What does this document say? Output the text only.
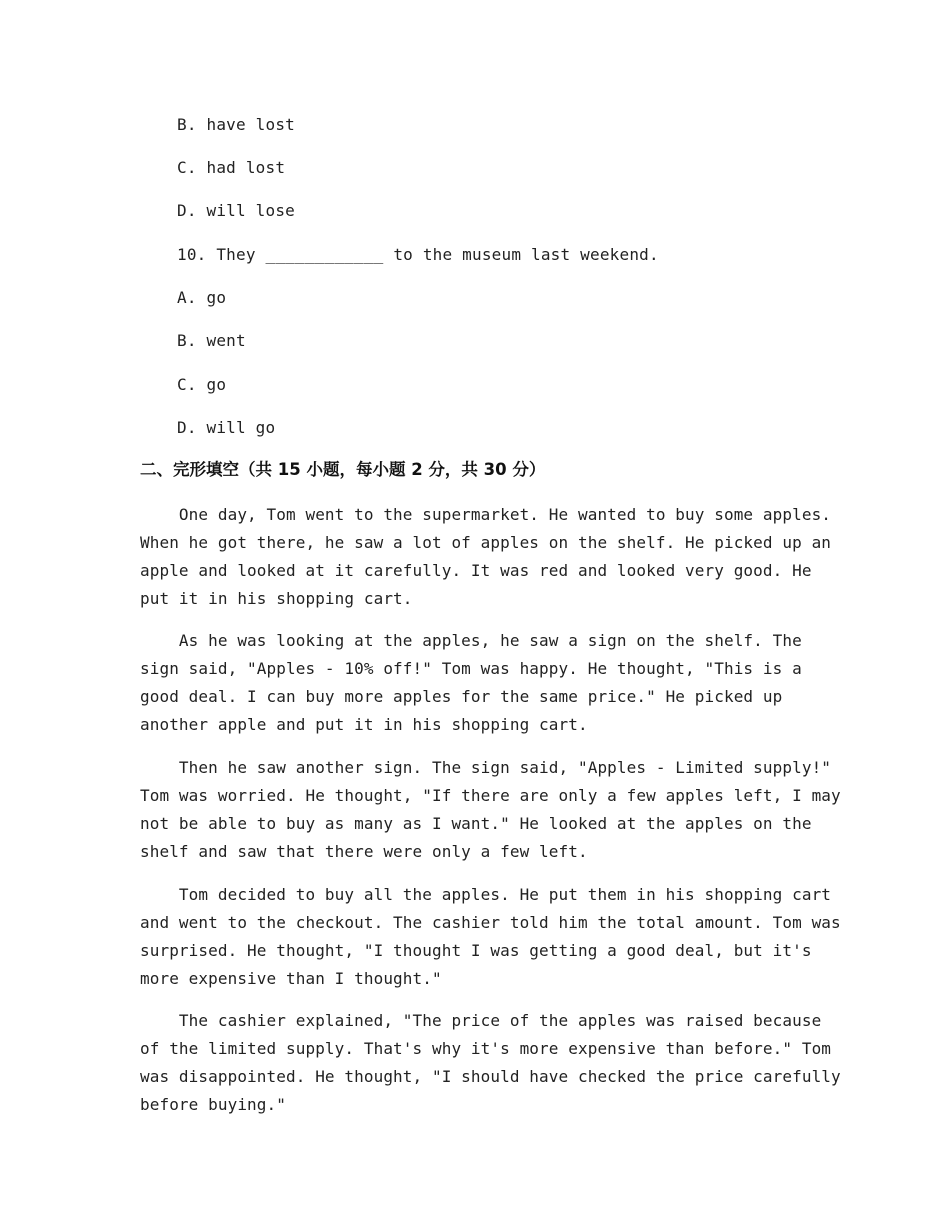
B. have lost
C. had lost
D. will lose
10. They ____________ to the museum last weekend.
A. go
B. went
C. go
D. will go
二、完形填空（共 15 小题，每小题 2 分，共 30 分）
One day, Tom went to the supermarket. He wanted to buy some apples.
When he got there, he saw a lot of apples on the shelf. He picked up an
apple and looked at it carefully. It was red and looked very good. He
put it in his shopping cart.
As he was looking at the apples, he saw a sign on the shelf. The
sign said, "Apples - 10% off!" Tom was happy. He thought, "This is a
good deal. I can buy more apples for the same price." He picked up
another apple and put it in his shopping cart.
Then he saw another sign. The sign said, "Apples - Limited supply!"
Tom was worried. He thought, "If there are only a few apples left, I may
not be able to buy as many as I want." He looked at the apples on the
shelf and saw that there were only a few left.
Tom decided to buy all the apples. He put them in his shopping cart
and went to the checkout. The cashier told him the total amount. Tom was
surprised. He thought, "I thought I was getting a good deal, but it's
more expensive than I thought."
The cashier explained, "The price of the apples was raised because
of the limited supply. That's why it's more expensive than before." Tom
was disappointed. He thought, "I should have checked the price carefully
before buying."
